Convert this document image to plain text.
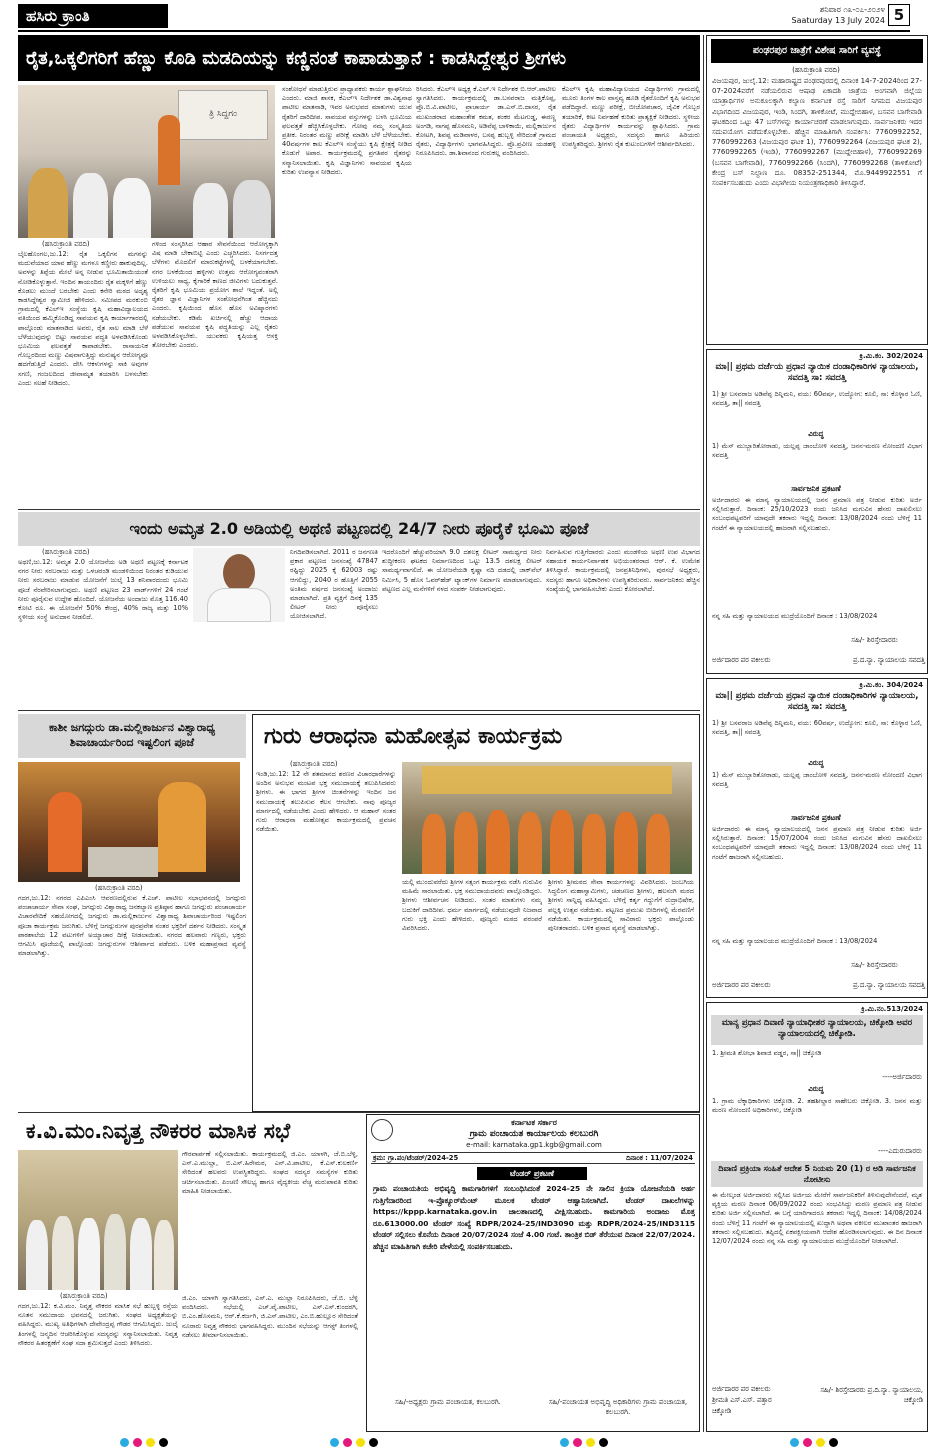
ಹಸಿರು ಕ್ರಾಂತಿ	ಶನಿವಾರ ೧೩-೦೭-೨೦೨೪
Saaturday 13 July 2024 5
ರೈತ,ಒಕ್ಕಲಿಗರಿಗೆ ಹೆಣ್ಣು ಕೊಡಿ ಮಡದಿಯನ್ನು ಕಣ್ಣಿನಂತೆ ಕಾಪಾಡುತ್ತಾನೆ : ಕಾಡಸಿದ್ದೇಶ್ವರ ಶ್ರೀಗಳು
ತ್ರಿ ಸಿದ್ದಗಂ
(ಹಸಿರುಕ್ರಾಂತಿ ವರದಿ)
ಬೈಲಹೊಂಗಲ,ಜು.12: ರೈತ ಒಕ್ಕಲಿಗನ ಮಗನನ್ನು ಮದುವೆಯಾದ ಯಾವ ಹೆಣ್ಣು ಮಗಳೂ ಕಣ್ಣೀರು ಹಾಕುವುದಿಲ್ಲ. ಅವಳನ್ನು ತಿಪ್ಪೆಯ ಮೇಲೆ ಅನ್ನ ನೀಡುವ ಭೂಮಿತಾಯಿಯಂತೆ ನೋಡಿಕೊಳ್ಳುತ್ತಾನೆ. ಇಂದಿನ ತಾಯಂದಿರು ರೈತ ಮಕ್ಕಳಿಗೆ ಹೆಣ್ಣು ಕೊಡಲು ಮುಂದೆ ಬರಬೇಕು ಎಂದು ಕನೇರಿ ಮಠದ ಅದೃಶ್ಯ ಕಾಡಸಿದ್ದೇಶ್ವರ ಸ್ವಾಮೀಜಿ ಹೇಳಿದರು. ಸಮೀಪದ ಮರಕುಂಬಿ ಗ್ರಾಮದಲ್ಲಿ ಕೆಎಲ್‌ಇ ಸಂಸ್ಥೆಯ ಕೃಷಿ ಮಹಾವಿದ್ಯಾಲಯದ ವತಿಯಿಂದ ಹಮ್ಮಿಕೊಂಡಿದ್ದ ಸಾವಯವ ಕೃಷಿ ಕಾರ್ಯಾಗಾರದಲ್ಲಿ ಪಾಲ್ಗೊಂಡು ಮಾತನಾಡಿದ ಅವರು, ರೈತ ಸಾಲ ಮಾಡಿ ಬೆಳೆ ಬೆಳೆಯುವುದನ್ನು ಬಿಟ್ಟು ಸಾವಯವ ಪದ್ಧತಿ ಅಳವಡಿಸಿಕೊಂಡು ಭೂಮಿಯ ಫಲವತ್ತತೆ ಕಾಪಾಡಬೇಕು. ರಾಸಾಯನಿಕ ಗೊಬ್ಬರದಿಂದ ಮಣ್ಣು ವಿಷವಾಗುತ್ತಿದ್ದು ಮನುಷ್ಯನ ಆರೋಗ್ಯವೂ ಹದಗೆಡುತ್ತಿದೆ ಎಂದರು. ದೇಸಿ ಆಕಳುಗಳನ್ನು ಸಾಕಿ ಅವುಗಳ ಸಗಣಿ, ಗಂಜಲದಿಂದ ಜೀವಾಮೃತ ತಯಾರಿಸಿ ಬಳಸಬೇಕು ಎಂದು ಸಲಹೆ ನೀಡಿದರು.
ಗಳಿಂದ ಸಂಸ್ಕರಿಸಿದ ಆಹಾರ ಸೇವನೆಯಿಂದ ಆರೋಗ್ಯಕ್ಕಾಗಿ ವಿಷ ಮಾಡಿ ಬೇಕಾಬಿಟ್ಟಿ ಎಂದು ಎಚ್ಚರಿಸಿದರು. ನಿಸರ್ಗದತ್ತ ಬೆಳೆಗಳು ಮೊದಲಿಗೆ ಮಾರುಕಟ್ಟೆಗಳಲ್ಲಿ ಬಳಕೆಯಾಗಬೇಕು. ನಗರ ಬಳಕೆಯಿಂದ ಹಳ್ಳಿಗಳು ಉತ್ತಮ ಆರೋಗ್ಯವಂತರಾಗಿ ಉಳಿಯಲು ಸಾಧ್ಯ. ಕೈಗಾರಿಕೆ ಕಾಣದ ಜೀವಿಗಳು ಬದುಕುತ್ತವೆ. ರೈತರಿಗೆ ಕೃಷಿ ಭೂಮಿಯ ಪ್ರಯೋಗ ಶಾಲೆ ಇದ್ದಂತೆ. ಅಲ್ಲಿ ರೈತರ ಜ್ಞಾನ ವಿಜ್ಞಾನಿಗಳ ಸಂಶೋಧನೆಗಿಂತ ಹೆಚ್ಚಿನದು ಎಂದರು. ಕೃಷಿಯಿಂದ ಹೊಸ ಹೊಸ ಅವಿಷ್ಕಾರಗಳು ನಡೆಯಬೇಕು. ಕಡಿಮೆ ಖರ್ಚಿನಲ್ಲಿ ಹೆಚ್ಚು ಆದಾಯ ಪಡೆಯುವ ಸಾವಯವ ಕೃಷಿ ಪದ್ಧತಿಯನ್ನು ಎಲ್ಲ ರೈತರು ಅಳವಡಿಸಿಕೊಳ್ಳಬೇಕು. ಯುವಕರು ಕೃಷಿಯತ್ತ ಆಸಕ್ತಿ ತೋರಬೇಕು ಎಂದರು.
ಸಂಶೋಧನೆ ಮಾಡುತ್ತಿರುವ ಪ್ರಾಧ್ಯಾಪಕರು ಕಾರ್ಯ ಶ್ಲಾಘನೀಯ ಎಂದರು. ಮಾಜಿ ಶಾಸಕ, ಕೆಎಲ್‌ಇ ನಿರ್ದೇಶಕ ಡಾ.ವಿಶ್ವನಾಥ ಪಾಟೀಲ ಮಾತನಾಡಿ, ಇವರ ಅನುಭವದ ಮಾತುಗಳು ಯುವ ರೈತರಿಗೆ ದಾರಿದೀಪ. ಸಾವಯವ ವಸ್ತುಗಳನ್ನು ಬಳಸಿ ಭೂಮಿಯ ಫಲವತ್ತತೆ ಹೆಚ್ಚಿಸಿಕೊಳ್ಳಬೇಕು. ಗೋವು ನಮ್ಮ ಸಂಸ್ಕೃತಿಯ ಪ್ರತೀಕ. ನಿರಂತರ ಮಣ್ಣು ಪರೀಕ್ಷೆ ಮಾಡಿಸಿ ಬೆಳೆ ಬೆಳೆಯಬೇಕು. 40ವರ್ಷಗಳ ಕಾಲ ಕೆಎಲ್‌ಇ ಸಂಸ್ಥೆಯು ಕೃಷಿ ಕ್ಷೇತ್ರಕ್ಕೆ ನೀಡಿದ ಕೊಡುಗೆ ಅಪಾರ. ಕಾರ್ಯಕ್ರಮದಲ್ಲಿ ಪ್ರಗತಿಪರ ರೈತರನ್ನು ಸನ್ಮಾನಿಸಲಾಯಿತು. ಕೃಷಿ ವಿಜ್ಞಾನಿಗಳು ಸಾವಯವ ಕೃಷಿಯ ಕುರಿತು ಉಪನ್ಯಾಸ ನೀಡಿದರು.
ರಿಸಿದರು. ಕೆಎಲ್‌ಇ ಅಧ್ಯಕ್ಷ ಕೆ.ಎಲ್‌.ಇ ನಿರ್ದೇಶಕ ಬಿ.ಆರ್.ಪಾಟೀಲ ಸ್ವಾಗತಿಸಿದರು. ಕಾರ್ಯಕ್ರಮದಲ್ಲಿ ಡಾ.ಬಸವರಾಜ ಮತ್ತಿಕೊಪ್ಪ, ಪ್ರೊ.ಬಿ.ವಿ.ಪಾಟೀಲ, ಪ್ರಾಚಾರ್ಯ ಡಾ.ಎಸ್.ಬಿ.ದಾಸರ, ರೈತ ಮುಖಂಡರಾದ ಮಹಾಂತೇಶ ಕಮತ, ಶಂಕರ ಮೆಟಗುಡ್ಡ, ಈರಣ್ಣ ಅಂಗಡಿ, ನಾಗಪ್ಪ ಹೊಸಮನಿ, ಅಡಿವೆಪ್ಪ ಬಾಳಿಕಾಯಿ, ಮಲ್ಲಿಕಾರ್ಜುನ ಕೋಟಗಿ, ಶಿವಪ್ಪ ಮಡಿವಾಳರ, ಬಸಪ್ಪ ಹುಬ್ಬಳ್ಳಿ ಸೇರಿದಂತೆ ಗ್ರಾಮದ ರೈತರು, ವಿದ್ಯಾರ್ಥಿಗಳು ಭಾಗವಹಿಸಿದ್ದರು. ಪ್ರೊ.ಪ್ರವೀಣ ಯಡಹಳ್ಳಿ ನಿರೂಪಿಸಿದರು. ಡಾ.ಶಿವಾನಂದ ಗುರುಕಲ್ಲ ವಂದಿಸಿದರು.
ಕೆಎಲ್‌ಇ ಕೃಷಿ ಮಹಾವಿದ್ಯಾಲಯದ ವಿದ್ಯಾರ್ಥಿಗಳು ಗ್ರಾಮದಲ್ಲಿ ಮೂರು ತಿಂಗಳ ಕಾಲ ವಾಸ್ತವ್ಯ ಹೂಡಿ ರೈತರೊಂದಿಗೆ ಕೃಷಿ ಅನುಭವ ಪಡೆದಿದ್ದಾರೆ. ಮಣ್ಣು ಪರೀಕ್ಷೆ, ಬೀಜೋಪಚಾರ, ಜೈವಿಕ ಗೊಬ್ಬರ ತಯಾರಿಕೆ, ಕೀಟ ನಿರ್ವಹಣೆ ಕುರಿತು ಪ್ರಾತ್ಯಕ್ಷಿಕೆ ನೀಡಿದರು. ಸ್ಥಳೀಯ ರೈತರು ವಿದ್ಯಾರ್ಥಿಗಳ ಕಾರ್ಯವನ್ನು ಶ್ಲಾಘಿಸಿದರು. ಗ್ರಾಮ ಪಂಚಾಯತಿ ಅಧ್ಯಕ್ಷರು, ಸದಸ್ಯರು ಹಾಗೂ ಹಿರಿಯರು ಉಪಸ್ಥಿತರಿದ್ದರು. ಶ್ರೀಗಳು ರೈತ ಕುಟುಂಬಗಳಿಗೆ ಆಶೀರ್ವದಿಸಿದರು.
ಇಂದು ಅಮೃತ 2.0 ಅಡಿಯಲ್ಲಿ ಅಥಣಿ ಪಟ್ಟಣದಲ್ಲಿ 24/7 ನೀರು ಪೂರೈಕೆ ಭೂಮಿ ಪೂಜೆ
(ಹಸಿರುಕ್ರಾಂತಿ ವರದಿ)
ಅಥಣಿ,ಜು.12: ಅಮೃತ 2.0 ಯೋಜನೆಯ ಅಡಿ ಅಥಣಿ ಪಟ್ಟಣಕ್ಕೆ ಕರ್ನಾಟಕ ನಗರ ನೀರು ಸರಬರಾಜು ಮತ್ತು ಒಳಚರಂಡಿ ಮಂಡಳಿಯಿಂದ ನಿರಂತರ ಕುಡಿಯುವ ನೀರು ಸರಬರಾಜು ಮಾಡುವ ಯೋಜನೆಗೆ ಜುಲೈ 13 ಶನಿವಾರದಂದು ಭೂಮಿ ಪೂಜೆ ನೆರವೇರಿಸಲಾಗುವುದು. ಅಥಣಿ ಪಟ್ಟಣದ 23 ವಾರ್ಡ್‌ಗಳಿಗೆ 24 ಗಂಟೆ ನೀರು ಪೂರೈಸುವ ಉದ್ದೇಶ ಹೊಂದಿದೆ. ಯೋಜನೆಯ ಅಂದಾಜು ಮೊತ್ತ 116.40 ಕೋಟಿ ರೂ. ಈ ಯೋಜನೆಗೆ 50% ಕೇಂದ್ರ, 40% ರಾಜ್ಯ ಮತ್ತು 10% ಸ್ಥಳೀಯ ಸಂಸ್ಥೆ ಅನುದಾನ ನೀಡಲಿದೆ.
ನಿಗದಿಪಡಿಸಲಾಗಿದೆ. 2011 ರ ಜನಗಣತಿ ಪ್ರಕಾರ ಪಟ್ಟಣದ ಜನಸಂಖ್ಯೆ 47847 ರಷ್ಟಿದ್ದು 2025 ಕ್ಕೆ 62003 ರಷ್ಟು ಆಗಲಿದ್ದು, 2040 ರ ಹೊತ್ತಿಗೆ 2055 ಅಂತಿಮ ವರ್ಷದ ಜನಸಂಖ್ಯೆ ಅಂದಾಜು ಮಾಡಲಾಗಿದೆ. ಪ್ರತಿ ವ್ಯಕ್ತಿಗೆ ದಿನಕ್ಕೆ 135 ಲೀಟರ್ ನೀರು ಪೂರೈಸಲು ಯೋಜಿಸಲಾಗಿದೆ.
ಇದರೊಂದಿಗೆ ಹೆಚ್ಚುವರಿಯಾಗಿ 9.0 ದಶಲಕ್ಷ ಲೀಟರ್ ಸಾಮರ್ಥ್ಯದ ನೀರು ಶುದ್ಧೀಕರಣ ಘಟಕದ ನಿರ್ಮಾಣದಿಂದ ಒಟ್ಟು 13.5 ದಶಲಕ್ಷ ಲೀಟರ್ ಸಾಮರ್ಥ್ಯವಾಗಲಿದೆ. ಈ ಯೋಜನೆಯಡಿ ಕೃಷ್ಣಾ ನದಿ ದಡದಲ್ಲಿ ಜಾಕ್‌ವೆಲ್ ನಿರ್ಮಿಸಿ, 5 ಹೊಸ ಓವರ್‌ಹೆಡ್ ಟ್ಯಾಂಕ್‌ಗಳ ನಿರ್ಮಾಣ ಮಾಡಲಾಗುವುದು. ಪಟ್ಟಣದ ಎಲ್ಲ ಮನೆಗಳಿಗೆ ನಳದ ಸಂಪರ್ಕ ನೀಡಲಾಗುವುದು.
ನಿರ್ವಹಿಸುವ ಗುತ್ತಿಗೆದಾರರು ಎಂದು ಮಂಡಳಿಯ ಅಥಣಿ ಉಪ ವಿಭಾಗದ ಸಹಾಯಕ ಕಾರ್ಯನಿರ್ವಾಹಕ ಅಭಿಯಂತರರಾದ ಆರ್. ಕೆ. ಉಮೇಶ ತಿಳಿಸಿದ್ದಾರೆ. ಕಾರ್ಯಕ್ರಮದಲ್ಲಿ ಜನಪ್ರತಿನಿಧಿಗಳು, ಪುರಸಭೆ ಅಧ್ಯಕ್ಷರು, ಸದಸ್ಯರು ಹಾಗೂ ಅಧಿಕಾರಿಗಳು ಉಪಸ್ಥಿತರಿರುವರು. ಸಾರ್ವಜನಿಕರು ಹೆಚ್ಚಿನ ಸಂಖ್ಯೆಯಲ್ಲಿ ಭಾಗವಹಿಸಬೇಕು ಎಂದು ಕೋರಲಾಗಿದೆ.
ಕಾಶೀ ಜಗದ್ಗುರು ಡಾ.ಮಲ್ಲಿಕಾರ್ಜುನ ವಿಶ್ವಾರಾಧ್ಯ
ಶಿವಾಚಾರ್ಯರಿಂದ ಇಷ್ಟಲಿಂಗ ಪೂಜೆ
(ಹಸಿರುಕ್ರಾಂತಿ ವರದಿ)
ಗದಗ,ಜು.12: ನಗರದ ಎಪಿಎಂಸಿ ಆವರಣದಲ್ಲಿರುವ ಕೆ.ಎಚ್. ಪಾಟೀಲ ಸಭಾಭವನದಲ್ಲಿ ಜಗದ್ಗುರು ಪಂಚಾಚಾರ್ಯ ಸೇವಾ ಸಂಘ, ಜಗದ್ಗುರು ವಿಶ್ವಾರಾಧ್ಯ ಜನಕಲ್ಯಾಣ ಪ್ರತಿಷ್ಠಾನ ಹಾಗೂ ಜಗದ್ಗುರು ಪಂಚಾಚಾರ್ಯ ವಿಚಾರವೇದಿಕೆ ಸಹಯೋಗದಲ್ಲಿ ಜಗದ್ಗುರು ಡಾ.ಮಲ್ಲಿಕಾರ್ಜುನ ವಿಶ್ವಾರಾಧ್ಯ ಶಿವಾಚಾರ್ಯರಿಂದ ಇಷ್ಟಲಿಂಗ ಪೂಜಾ ಕಾರ್ಯಕ್ರಮ ಜರುಗಿತು. ಬೆಳಿಗ್ಗೆ ಜಗದ್ಗುರುಗಳ ಪುರಪ್ರವೇಶ ನಂತರ ಭಕ್ತರಿಗೆ ದರ್ಶನ ನೀಡಿದರು. ಸಂಸ್ಕೃತ ಪಾಠಶಾಲೆಯ 12 ವಟುಗಳಿಗೆ ಅಯ್ಯಾಚಾರ ದೀಕ್ಷೆ ನೀಡಲಾಯಿತು. ನಗರದ ಹಲವಾರು ಗಣ್ಯರು, ಭಕ್ತರು ಆಗಮಿಸಿ ಪೂಜೆಯಲ್ಲಿ ಪಾಲ್ಗೊಂಡು ಜಗದ್ಗುರುಗಳ ಆಶೀರ್ವಾದ ಪಡೆದರು. ಬಳಿಕ ಮಹಾಪ್ರಸಾದ ವ್ಯವಸ್ಥೆ ಮಾಡಲಾಗಿತ್ತು.
ಗುರು ಆರಾಧನಾ ಮಹೋತ್ಸವ ಕಾರ್ಯಕ್ರಮ
(ಹಸಿರುಕ್ರಾಂತಿ ವರದಿ)
ಇಂಡಿ,ಜು.12: 12 ನೇ ಶತಮಾನದ ಶರಣರ ವಿಚಾರಧಾರೆಗಳನ್ನು ಅಂದಿನ ಅನುಭವ ಮಂಟಪ ಭಕ್ತ ಸಮುದಾಯಕ್ಕೆ ತಲುಪಿಸಿದವರು ಶ್ರೀಗಳು. ಈ ಭಾಗದ ಶ್ರೀಗಳ ಚಿಂತನೆಗಳನ್ನು ಇಂದಿನ ಜನ ಸಮುದಾಯಕ್ಕೆ ತಲುಪಿಸುವ ಕೆಲಸ ಆಗಬೇಕು. ನಾವು ಪೂಜ್ಯರ ಮಾರ್ಗದಲ್ಲಿ ನಡೆಯಬೇಕು ಎಂದು ಹೇಳಿದರು. ಆ ಮಹಾನ್ ಸಂತರ ಗುರು ಆರಾಧನಾ ಮಹೋತ್ಸವ ಕಾರ್ಯಕ್ರಮದಲ್ಲಿ ಪ್ರವಚನ ನಡೆಯಿತು.
ಯಲ್ಲಿ ಮುಂದುವರೆದು ಶ್ರೀಗಳ ಸತ್ಸಂಗ ಕಾರ್ಯಕ್ರಮ ನಡೆಸಿ ಗುರುವಿನ ಮಹಿಮೆ ಸಾರಲಾಯಿತು. ಭಕ್ತ ಸಮುದಾಯದವರು ಪಾಲ್ಗೊಂಡಿದ್ದರು. ಶ್ರೀಗಳು ಆಶೀರ್ವಚನ ನೀಡಿದರು. ಸಂತರ ಮಾತುಗಳು ನಮ್ಮ ಬದುಕಿಗೆ ದಾರಿದೀಪ. ಧರ್ಮ ಮಾರ್ಗದಲ್ಲಿ ನಡೆಯುವುದೇ ನಿಜವಾದ ಗುರು ಭಕ್ತಿ ಎಂದು ಹೇಳಿದರು. ಪೂಜ್ಯರು ಮಠದ ಪರಂಪರೆ ವಿವರಿಸಿದರು.
ಶ್ರೀಗಳು ಶ್ರೀಮಠದ ಸೇವಾ ಕಾರ್ಯಗಳನ್ನು ವಿವರಿಸಿದರು. ಜಂಬಗಿಯ ಸಿದ್ಧಲಿಂಗ ಮಹಾಸ್ವಾಮಿಗಳು, ಚಡಚಣದ ಶ್ರೀಗಳು, ಹಲಸಂಗಿ ಮಠದ ಶ್ರೀಗಳು ಸಾನ್ನಿಧ್ಯ ವಹಿಸಿದ್ದರು. ಬೆಳಿಗ್ಗೆ ಕರ್ತೃ ಗದ್ದುಗೆಗೆ ರುದ್ರಾಭಿಷೇಕ, ಪಲ್ಲಕ್ಕಿ ಉತ್ಸವ ನಡೆಯಿತು. ಪಟ್ಟಣದ ಪ್ರಮುಖ ಬೀದಿಗಳಲ್ಲಿ ಮೆರವಣಿಗೆ ನಡೆಯಿತು. ಕಾರ್ಯಕ್ರಮದಲ್ಲಿ ಸಾವಿರಾರು ಭಕ್ತರು ಪಾಲ್ಗೊಂಡು ಪುನೀತರಾದರು. ಬಳಿಕ ಪ್ರಸಾದ ವ್ಯವಸ್ಥೆ ಮಾಡಲಾಗಿತ್ತು.
ಕ.ವಿ.ಮಂ.ನಿವೃತ್ತ ನೌಕರರ ಮಾಸಿಕ ಸಭೆ
(ಹಸಿರುಕ್ರಾಂತಿ ವರದಿ)
ಗೌರವಾರ್ಪಣೆ ಸಲ್ಲಿಸಲಾಯಿತು. ಕಾರ್ಯಕ್ರಮದಲ್ಲಿ ಜಿ.ಎಂ. ಯಾಳಗಿ, ಜೆ.ಬಿ.ಬೆಳ್ಳಿ, ಎಸ್.ಎ.ಮುಲ್ಲಾ, ಬಿ.ಎಸ್.ಹಿರೇಮಠ, ಎನ್.ವಿ.ಪಾಟೀಲ, ಕೆ.ಎಸ್.ಕುಲಕರ್ಣಿ ಸೇರಿದಂತೆ ಹಲವರು ಉಪಸ್ಥಿತರಿದ್ದರು. ಸಂಘದ ಸದಸ್ಯರ ಸಮಸ್ಯೆಗಳ ಕುರಿತು ಚರ್ಚಿಸಲಾಯಿತು. ಪಿಂಚಣಿ ಸೌಲಭ್ಯ ಹಾಗೂ ವೈದ್ಯಕೀಯ ವೆಚ್ಚ ಮರುಪಾವತಿ ಕುರಿತು ಮಾಹಿತಿ ನೀಡಲಾಯಿತು.
ಗದಗ,ಜು.12: ಕ.ವಿ.ಮಂ. ನಿವೃತ್ತ ನೌಕರರ ಮಾಸಿಕ ಸಭೆ ಹುಬ್ಬಳ್ಳಿ ರಸ್ತೆಯ ನೂತನ ಸಮುದಾಯ ಭವನದಲ್ಲಿ ಜರುಗಿತು. ಸಂಘದ ಅಧ್ಯಕ್ಷತೆಯನ್ನು ವಹಿಸಿದ್ದರು. ಮುಖ್ಯ ಅತಿಥಿಗಳಾಗಿ ದೇವೇಂದ್ರಪ್ಪ ಗೌಡರ ಆಗಮಿಸಿದ್ದರು. ಜುಲೈ ತಿಂಗಳಲ್ಲಿ ಜನ್ಮದಿನ ಆಚರಿಸಿಕೊಳ್ಳುವ ಸದಸ್ಯರನ್ನು ಸನ್ಮಾನಿಸಲಾಯಿತು. ನಿವೃತ್ತ ನೌಕರರ ಹಿತರಕ್ಷಣೆಗೆ ಸಂಘ ಸದಾ ಶ್ರಮಿಸುತ್ತದೆ ಎಂದು ತಿಳಿಸಿದರು.
ಜಿ.ಎಂ. ಯಾಳಗಿ ಸ್ವಾಗತಿಸಿದರು, ಎಸ್.ಎ. ಮುಲ್ಲಾ ನಿರೂಪಿಸಿದರು, ಜೆ.ಬಿ. ಬೆಳ್ಳಿ ವಂದಿಸಿದರು. ಸಭೆಯಲ್ಲಿ ಎಚ್.ವೈ.ಪಾಟೀಲ, ಎಸ್.ಎಸ್.ಕುಂದರಗಿ, ಬಿ.ಎಂ.ಹೊಸಮನಿ, ಆರ್.ಕೆ.ಕರ್ಜಗಿ, ಜಿ.ಎಸ್.ಪಾಟೀಲ, ಎಂ.ಬಿ.ಹುಲ್ಲೂರ ಸೇರಿದಂತೆ ನೂರಾರು ನಿವೃತ್ತ ನೌಕರರು ಭಾಗವಹಿಸಿದ್ದರು. ಮುಂದಿನ ಸಭೆಯನ್ನು ಆಗಸ್ಟ್ ತಿಂಗಳಲ್ಲಿ ನಡೆಸಲು ತೀರ್ಮಾನಿಸಲಾಯಿತು.
ಕರ್ನಾಟಕ ಸರ್ಕಾರ
ಗ್ರಾಮ ಪಂಚಾಯತ ಕಾರ್ಯಾಲಯ ಕಲಬುರಗಿ
e-mail: karnataka.gp1.kgb@gmail.com
ಕ್ರಮ: ಗ್ರಾ.ಪಂ/ಟೆಂಡರ್/2024-25	ದಿನಾಂಕ : 11/07/2024
ಟೆಂಡರ್ ಪ್ರಕಟಣೆ
ಗ್ರಾಮ ಪಂಚಾಯತಿಯ ಅಭಿವೃದ್ಧಿ ಕಾಮಗಾರಿಗಳಿಗೆ ಸಂಬಂಧಿಸಿದಂತೆ 2024-25 ನೇ ಸಾಲಿನ ಕ್ರಿಯಾ ಯೋಜನೆಯಡಿ ಅರ್ಹ ಗುತ್ತಿಗೆದಾರರಿಂದ ಇ-ಪ್ರೊಕ್ಯೂರ್‌ಮೆಂಟ್ ಮೂಲಕ ಟೆಂಡರ್ ಆಹ್ವಾನಿಸಲಾಗಿದೆ. ಟೆಂಡರ್ ದಾಖಲೆಗಳನ್ನು https://kppp.karnataka.gov.in ಜಾಲತಾಣದಲ್ಲಿ ವೀಕ್ಷಿಸಬಹುದು. ಕಾಮಗಾರಿಯ ಅಂದಾಜು ಮೊತ್ತ ರೂ.613000.00 ಟೆಂಡರ್ ಸಂಖ್ಯೆ RDPR/2024-25/IND3090 ಮತ್ತು RDPR/2024-25/IND3115 ಟೆಂಡರ್ ಸಲ್ಲಿಸಲು ಕೊನೆಯ ದಿನಾಂಕ 20/07/2024 ಸಂಜೆ 4.00 ಗಂಟೆ. ತಾಂತ್ರಿಕ ಬಿಡ್ ತೆರೆಯುವ ದಿನಾಂಕ 22/07/2024. ಹೆಚ್ಚಿನ ಮಾಹಿತಿಗಾಗಿ ಕಚೇರಿ ವೇಳೆಯಲ್ಲಿ ಸಂಪರ್ಕಿಸಬಹುದು.
ಸಹಿ/-ಅಧ್ಯಕ್ಷರು ಗ್ರಾಮ ಪಂಚಾಯತ, ಕಲಬುರಗಿ.	ಸಹಿ/-ಪಂಚಾಯತ ಅಭಿವೃದ್ಧಿ ಅಧಿಕಾರಿಗಳು ಗ್ರಾಮ ಪಂಚಾಯತ, ಕಲಬುರಗಿ.
ಪಂಢರಪುರ ಜಾತ್ರೆಗೆ ವಿಶೇಷ ಸಾರಿಗೆ ವ್ಯವಸ್ಥೆ
(ಹಸಿರುಕ್ರಾಂತಿ ವರದಿ)
ವಿಜಯಪುರ, ಜುಲೈ.12: ಮಹಾರಾಷ್ಟ್ರದ ಪಂಢರಪುರದಲ್ಲಿ ದಿನಾಂಕ 14-7-2024ರಿಂದ 27-07-2024ವರೆಗೆ ನಡೆಯಲಿರುವ ಆಷಾಢ ಏಕಾದಶಿ ಜಾತ್ರೆಯ ಅಂಗವಾಗಿ ಜಿಲ್ಲೆಯ ಯಾತ್ರಾರ್ಥಿಗಳ ಅನುಕೂಲಕ್ಕಾಗಿ ಕಲ್ಯಾಣ ಕರ್ನಾಟಕ ರಸ್ತೆ ಸಾರಿಗೆ ನಿಗಮದ ವಿಜಯಪುರ ವಿಭಾಗದಿಂದ ವಿಜಯಪುರ, ಇಂಡಿ, ಸಿಂದಗಿ, ತಾಳಿಕೋಟೆ, ಮುದ್ದೇಬಿಹಾಳ, ಬಸವನ ಬಾಗೇವಾಡಿ ಘಟಕದಿಂದ ಒಟ್ಟು 47 ಬಸ್‌ಗಳನ್ನು ಕಾರ್ಯಾಚರಣೆ ಮಾಡಲಾಗುವುದು. ಸಾರ್ವಜನಿಕರು ಇದರ ಸದುಪಯೋಗ ಪಡೆದುಕೊಳ್ಳಬೇಕು. ಹೆಚ್ಚಿನ ಮಾಹಿತಿಗಾಗಿ ಸಂಪರ್ಕಿಸಿ: 7760992252, 7760992263 (ವಿಜಯಪುರ ಘಟಕ 1), 7760992264 (ವಿಜಯಪುರ ಘಟಕ 2), 7760992265 (ಇಂಡಿ), 7760992267 (ಮುದ್ದೇಬಿಹಾಳ), 7760992269 (ಬಸವನ ಬಾಗೇವಾಡಿ), 7760992266 (ಸಿಂದಗಿ), 7760992268 (ತಾಳಿಕೋಟೆ) ಕೇಂದ್ರ ಬಸ್ ನಿಲ್ದಾಣ ದೂ. 08352-251344, ಮೊ.9449922551 ಗೆ ಸಂಪರ್ಕಿಸಬಹುದು ಎಂದು ವಿಭಾಗೀಯ ನಿಯಂತ್ರಣಾಧಿಕಾರಿ ತಿಳಿಸಿದ್ದಾರೆ.
ಕ್ರಿ.ಮಿ.ಕಂ. 302/2024
ಮಾ|| ಪ್ರಥಮ ದರ್ಜೆಯ ಪ್ರಧಾನ ನ್ಯಾಯಿಕ ದಂಡಾಧಿಕಾರಿಗಳ ನ್ಯಾಯಾಲಯ, ಸವದತ್ತಿ ಸಾ: ಸವದತ್ತಿ
1) ಶ್ರೀ ಬಸವರಾಜ ಅಡಿವೆಪ್ಪ ದಿನ್ನಿಮನಿ, ವಯ: 60ವರ್ಷ, ಉದ್ಯೋಗ: ಕೂಲಿ, ಸಾ: ಕೊಳ್ಳಾರ ಓಣಿ, ಸವದತ್ತಿ, ತಾ|| ಸವದತ್ತಿ
ವಿರುದ್ಧ
1) ಮೆಸ್ ಮುಬ್ಬಾರಿತೋರಾಡು, ಯಲ್ಲಪ್ಪ ಜಾಂಬೋಳಿ ಸವದತ್ತಿ, ಜನನ-ಮರಣ ನೋಂದಣಿ ವಿಭಾಗ ಸವದತ್ತಿ
ಸಾರ್ವಜನಿಕ ಪ್ರಕಟಣೆ
ಅರ್ಜಿದಾರರು ಈ ಮಾನ್ಯ ನ್ಯಾಯಾಲಯದಲ್ಲಿ ಜನನ ಪ್ರಮಾಣ ಪತ್ರ ನೀಡುವ ಕುರಿತು ಅರ್ಜಿ ಸಲ್ಲಿಸಿರುತ್ತಾರೆ. ದಿನಾಂಕ: 25/10/2023 ರಂದು ಜನಿಸಿದ ಮಗುವಿನ ಹೆಸರು ದಾಖಲಿಸಲು ಸಂಬಂಧಪಟ್ಟವರಿಗೆ ಯಾವುದೇ ತಕರಾರು ಇದ್ದಲ್ಲಿ ದಿನಾಂಕ: 13/08/2024 ರಂದು ಬೆಳಿಗ್ಗೆ 11 ಗಂಟೆಗೆ ಈ ನ್ಯಾಯಾಲಯದಲ್ಲಿ ಹಾಜರಾಗಿ ಸಲ್ಲಿಸಬಹುದು.
ನನ್ನ ಸಹಿ ಮತ್ತು ನ್ಯಾಯಾಲಯದ ಮುದ್ರೆಯೊಂದಿಗೆ ದಿನಾಂಕ : 13/08/2024
ಸಹಿ/- ಶಿರಸ್ತೇದಾರರು
ಅರ್ಜಿದಾರರ ಪರ ವಕೀಲರು	ಪ್ರ.ದ.ನ್ಯಾ. ನ್ಯಾಯಾಲಯ ಸವದತ್ತಿ
ಕ್ರಿ.ಮಿ.ಕಂ. 304/2024
ಮಾ|| ಪ್ರಥಮ ದರ್ಜೆಯ ಪ್ರಧಾನ ನ್ಯಾಯಿಕ ದಂಡಾಧಿಕಾರಿಗಳ ನ್ಯಾಯಾಲಯ, ಸವದತ್ತಿ ಸಾ: ಸವದತ್ತಿ
1) ಶ್ರೀ ಬಸವರಾಜ ಅಡಿವೆಪ್ಪ ದಿನ್ನಿಮನಿ, ವಯ: 60ವರ್ಷ, ಉದ್ಯೋಗ: ಕೂಲಿ, ಸಾ: ಕೊಳ್ಳಾರ ಓಣಿ, ಸವದತ್ತಿ, ತಾ|| ಸವದತ್ತಿ
ವಿರುದ್ಧ
1) ಮೆಸ್ ಮುಬ್ಬಾರಿತೋರಾಡು, ಯಲ್ಲಪ್ಪ ಜಾಂಬೋಳಿ ಸವದತ್ತಿ, ಜನನ-ಮರಣ ನೋಂದಣಿ ವಿಭಾಗ ಸವದತ್ತಿ
ಸಾರ್ವಜನಿಕ ಪ್ರಕಟಣೆ
ಅರ್ಜಿದಾರರು ಈ ಮಾನ್ಯ ನ್ಯಾಯಾಲಯದಲ್ಲಿ ಜನನ ಪ್ರಮಾಣ ಪತ್ರ ನೀಡುವ ಕುರಿತು ಅರ್ಜಿ ಸಲ್ಲಿಸಿರುತ್ತಾರೆ. ದಿನಾಂಕ: 15/07/2004 ರಂದು ಜನಿಸಿದ ಮಗುವಿನ ಹೆಸರು ದಾಖಲಿಸಲು ಸಂಬಂಧಪಟ್ಟವರಿಗೆ ಯಾವುದೇ ತಕರಾರು ಇದ್ದಲ್ಲಿ ದಿನಾಂಕ: 13/08/2024 ರಂದು ಬೆಳಿಗ್ಗೆ 11 ಗಂಟೆಗೆ ಹಾಜರಾಗಿ ಸಲ್ಲಿಸಬಹುದು.
ನನ್ನ ಸಹಿ ಮತ್ತು ನ್ಯಾಯಾಲಯದ ಮುದ್ರೆಯೊಂದಿಗೆ ದಿನಾಂಕ : 13/08/2024
ಸಹಿ/- ಶಿರಸ್ತೇದಾರರು
ಅರ್ಜಿದಾರರ ಪರ ವಕೀಲರು	ಪ್ರ.ದ.ನ್ಯಾ. ನ್ಯಾಯಾಲಯ ಸವದತ್ತಿ
ಕ್ರಿ.ಮಿ.ನಂ.513/2024
ಮಾನ್ಯ ಪ್ರಧಾನ ದಿವಾಣಿ ನ್ಯಾಯಾಧೀಶರ ನ್ಯಾಯಾಲಯ, ಚಿಕ್ಕೋಡಿ ಅವರ ನ್ಯಾಯಾಲಯದಲ್ಲಿ ಚಿಕ್ಕೋಡಿ.
1. ಶ್ರೀಮತಿ ಶೋಭಾ ಶಿವಾಜಿ ವಡ್ಡರ, ಸಾ|| ಚಿಕ್ಕೋಡಿ
----ಅರ್ಜಿದಾರರು
ವಿರುದ್ಧ
1. ಗ್ರಾಮ ಲೆಕ್ಕಾಧಿಕಾರಿಗಳು ಚಿಕ್ಕೋಡಿ. 2. ತಹಶೀಲ್ದಾರ ಸಾಹೇಬರು ಚಿಕ್ಕೋಡಿ. 3. ಜನನ ಮತ್ತು ಮರಣ ನೋಂದಣಿ ಅಧಿಕಾರಿಗಳು, ಚಿಕ್ಕೋಡಿ
----ಎದುರುದಾರರು
ದಿವಾಣಿ ಪ್ರಕ್ರಿಯಾ ಸಂಹಿತೆ ಆದೇಶ 5 ನಿಯಮ 20 (1) ರ ಅಡಿ ಸಾರ್ವಜನಿಕ ನೋಟೀಸು
ಈ ಮೇಲ್ಕಂಡ ಅರ್ಜಿದಾರರು ಸಲ್ಲಿಸಿದ ಅರ್ಜಿಯ ಮೇರೆಗೆ ಸಾರ್ವಜನಿಕರಿಗೆ ತಿಳಿಸುವುದೇನೆಂದರೆ, ಮೃತ ವ್ಯಕ್ತಿಯ ಮರಣ ದಿನಾಂಕ 06/09/2022 ರಂದು ಸಂಭವಿಸಿದ್ದು ಮರಣ ಪ್ರಮಾಣ ಪತ್ರ ನೀಡುವ ಕುರಿತು ಅರ್ಜಿ ಸಲ್ಲಿಸಲಾಗಿದೆ. ಈ ಬಗ್ಗೆ ಯಾರಿಗಾದರೂ ತಕರಾರು ಇದ್ದಲ್ಲಿ ದಿನಾಂಕ: 14/08/2024 ರಂದು ಬೆಳಿಗ್ಗೆ 11 ಗಂಟೆಗೆ ಈ ನ್ಯಾಯಾಲಯದಲ್ಲಿ ಖುದ್ದಾಗಿ ಅಥವಾ ವಕೀಲರ ಮುಖಾಂತರ ಹಾಜರಾಗಿ ತಕರಾರು ಸಲ್ಲಿಸಬಹುದು. ತಪ್ಪಿದಲ್ಲಿ ಏಕಪಕ್ಷೀಯವಾಗಿ ಆದೇಶ ಹೊರಡಿಸಲಾಗುವುದು. ಈ ದಿನ ದಿನಾಂಕ 12/07/2024 ರಂದು ನನ್ನ ಸಹಿ ಮತ್ತು ನ್ಯಾಯಾಲಯದ ಮುದ್ರೆಯೊಂದಿಗೆ ನೀಡಲಾಗಿದೆ.
ಅರ್ಜಿದಾರರ ಪರ ವಕೀಲರು
ಶ್ರೀಮತಿ ಎಸ್.ಎಸ್. ಪತ್ತಾರ
ಚಿಕ್ಕೋಡಿ
ಸಹಿ/- ಶಿರಸ್ತೇದಾರರು ಪ್ರ.ದಿ.ನ್ಯಾ. ನ್ಯಾಯಾಲಯ, ಚಿಕ್ಕೋಡಿ
